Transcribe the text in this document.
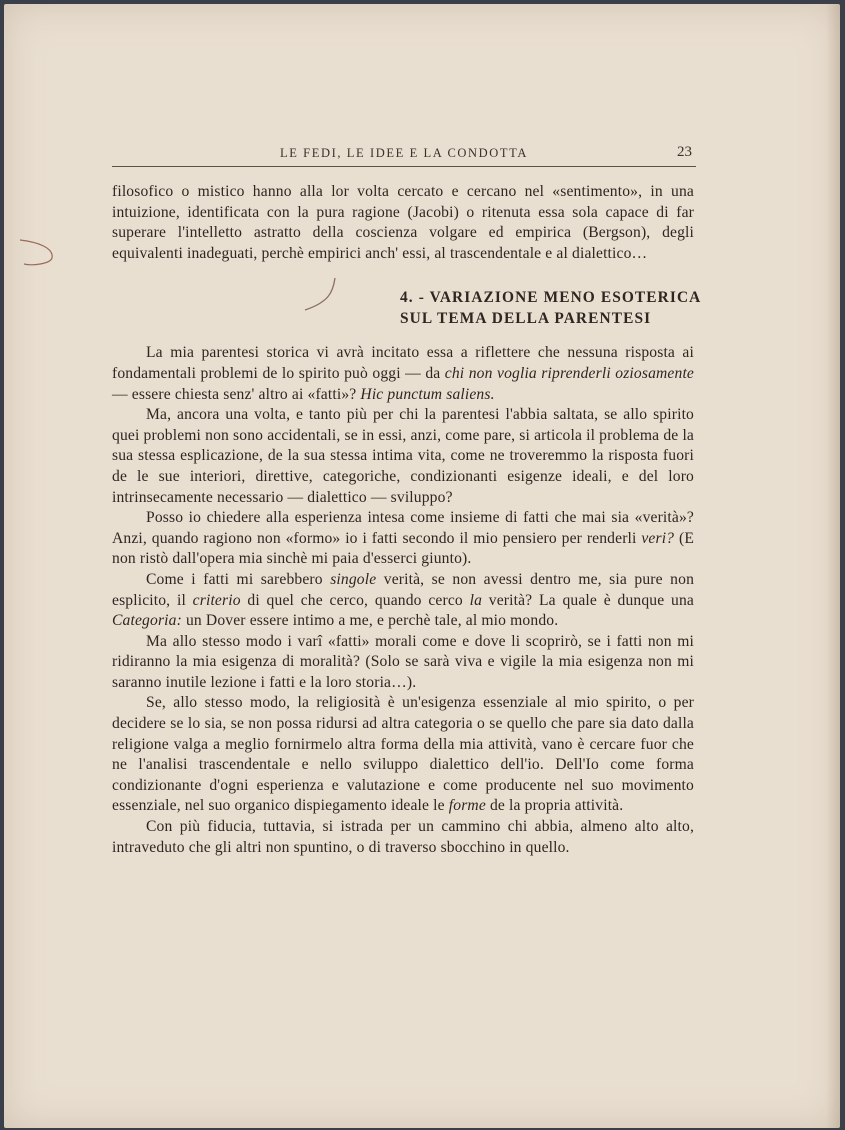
LE FEDI, LE IDEE E LA CONDOTTA	23

filosofico o mistico hanno alla lor volta cercato e cercano nel «sentimento», in una intuizione, identificata con la pura ragione (Jacobi) o ritenuta essa sola capace di far superare l'intelletto astratto della coscienza volgare ed empirica (Bergson), degli equivalenti inadeguati, perchè empirici anch' essi, al trascendentale e al dialettico…

4. - VARIAZIONE MENO ESOTERICA
SUL TEMA DELLA PARENTESI

La mia parentesi storica vi avrà incitato essa a riflettere che nessuna risposta ai fondamentali problemi de lo spirito può oggi — da chi non voglia riprenderli oziosamente — essere chiesta senz' altro ai «fatti»? Hic punctum saliens.

Ma, ancora una volta, e tanto più per chi la parentesi l'abbia saltata, se allo spirito quei problemi non sono accidentali, se in essi, anzi, come pare, si articola il problema de la sua stessa esplicazione, de la sua stessa intima vita, come ne troveremmo la risposta fuori de le sue interiori, direttive, categoriche, condizionanti esigenze ideali, e del loro intrinsecamente necessario — dialettico — sviluppo?

Posso io chiedere alla esperienza intesa come insieme di fatti che mai sia «verità»? Anzi, quando ragiono non «formo» io i fatti secondo il mio pensiero per renderli veri? (E non ristò dall'opera mia sinchè mi paia d'esserci giunto).

Come i fatti mi sarebbero singole verità, se non avessi dentro me, sia pure non esplicito, il criterio di quel che cerco, quando cerco la verità? La quale è dunque una Categoria: un Dover essere intimo a me, e perchè tale, al mio mondo.

Ma allo stesso modo i varî «fatti» morali come e dove li scoprirò, se i fatti non mi ridiranno la mia esigenza di moralità? (Solo se sarà viva e vigile la mia esigenza non mi saranno inutile lezione i fatti e la loro storia…).

Se, allo stesso modo, la religiosità è un'esigenza essenziale al mio spirito, o per decidere se lo sia, se non possa ridursi ad altra categoria o se quello che pare sia dato dalla religione valga a meglio fornirmelo altra forma della mia attività, vano è cercare fuor che ne l'analisi trascendentale e nello sviluppo dialettico dell'io. Dell'Io come forma condizionante d'ogni esperienza e valutazione e come producente nel suo movimento essenziale, nel suo organico dispiegamento ideale le forme de la propria attività.

Con più fiducia, tuttavia, si istrada per un cammino chi abbia, almeno alto alto, intraveduto che gli altri non spuntino, o di traverso sbocchino in quello.
